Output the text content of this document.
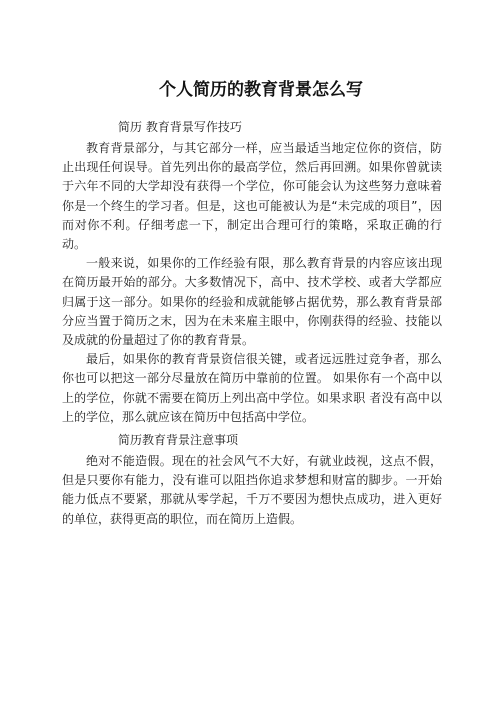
个人简历的教育背景怎么写
简历 教育背景写作技巧

教育背景部分，与其它部分一样，应当最适当地定位你的资信，防止出现任何误导。首先列出你的最高学位，然后再回溯。如果你曾就读于六年不同的大学却没有获得一个学位，你可能会认为这些努力意味着你是一个终生的学习者。但是，这也可能被认为是“未完成的项目”，因而对你不利。仔细考虑一下，制定出合理可行的策略，采取正确的行动。

一般来说，如果你的工作经验有限，那么教育背景的内容应该出现在简历最开始的部分。大多数情况下，高中、技术学校、或者大学都应归属于这一部分。如果你的经验和成就能够占据优势，那么教育背景部分应当置于简历之末，因为在未来雇主眼中，你刚获得的经验、技能以及成就的份量超过了你的教育背景。

最后，如果你的教育背景资信很关键，或者远远胜过竞争者，那么你也可以把这一部分尽量放在简历中靠前的位置。 如果你有一个高中以上的学位，你就不需要在简历上列出高中学位。如果求职 者没有高中以上的学位，那么就应该在简历中包括高中学位。

简历教育背景注意事项

绝对不能造假。现在的社会风气不大好，有就业歧视，这点不假，但是只要你有能力，没有谁可以阻挡你追求梦想和财富的脚步。一开始能力低点不要紧，那就从零学起，千万不要因为想快点成功，进入更好的单位，获得更高的职位，而在简历上造假。
